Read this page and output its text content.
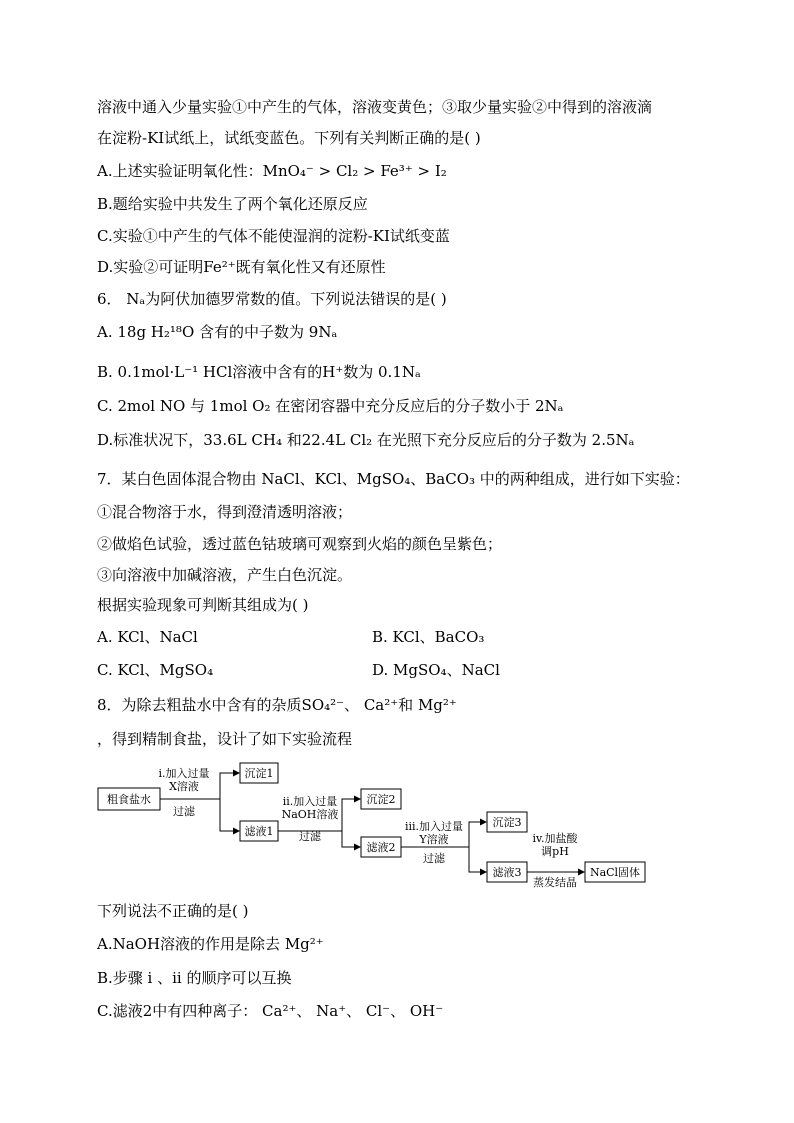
溶液中通入少量实验①中产生的气体，溶液变黄色；③取少量实验②中得到的溶液滴
在淀粉-KI试纸上，试纸变蓝色。下列有关判断正确的是( )
A.上述实验证明氧化性：MnO₄⁻ > Cl₂ > Fe³⁺ > I₂
B.题给实验中共发生了两个氧化还原反应
C.实验①中产生的气体不能使湿润的淀粉-KI试纸变蓝
D.实验②可证明Fe²⁺既有氧化性又有还原性
6． Nₐ为阿伏加德罗常数的值。下列说法错误的是( )
A. 18g H₂¹⁸O 含有的中子数为 9Nₐ
B. 0.1mol·L⁻¹ HCl溶液中含有的H⁺数为 0.1Nₐ
C. 2mol NO 与 1mol O₂ 在密闭容器中充分反应后的分子数小于 2Nₐ
D.标准状况下，33.6L CH₄ 和22.4L Cl₂ 在光照下充分反应后的分子数为 2.5Nₐ
7．某白色固体混合物由 NaCl、KCl、MgSO₄、BaCO₃ 中的两种组成，进行如下实验：
①混合物溶于水，得到澄清透明溶液；
②做焰色试验，透过蓝色钴玻璃可观察到火焰的颜色呈紫色；
③向溶液中加碱溶液，产生白色沉淀。
根据实验现象可判断其组成为( )
A. KCl、NaCl	B. KCl、BaCO₃
C. KCl、MgSO₄	D. MgSO₄、NaCl
8．为除去粗盐水中含有的杂质SO₄²⁻、 Ca²⁺和 Mg²⁺
，得到精制食盐，设计了如下实验流程
粗食盐水
i.加入过量
X溶液
过滤
沉淀1
滤液1
ii.加入过量
NaOH溶液
过滤
沉淀2
滤液2
iii.加入过量
Y溶液
过滤
沉淀3
滤液3
iv.加盐酸
调pH
蒸发结晶
NaCl固体
下列说法不正确的是( )
A.NaOH溶液的作用是除去 Mg²⁺
B.步骤 i 、ii 的顺序可以互换
C.滤液2中有四种离子： Ca²⁺、 Na⁺、 Cl⁻、 OH⁻
